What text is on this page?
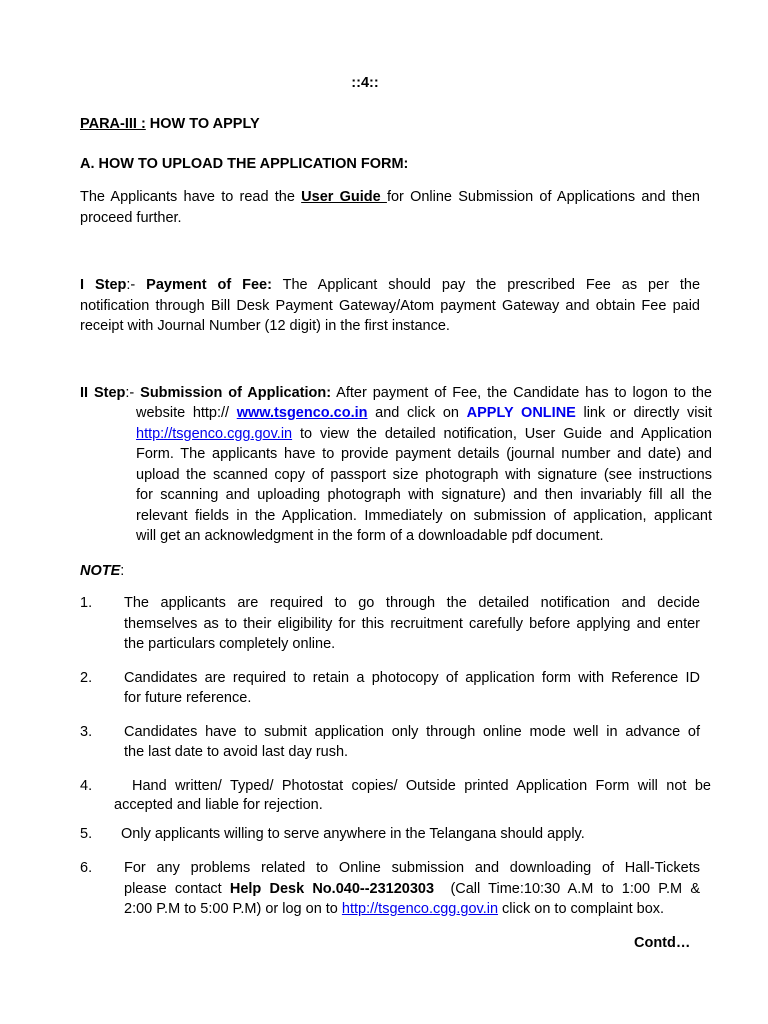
::4::
PARA-III : HOW TO APPLY
A. HOW TO UPLOAD THE APPLICATION FORM:
The Applicants have to read the User Guide for Online Submission of Applications and then
proceed further.
I Step:- Payment of Fee: The Applicant should pay the prescribed Fee as per the
notification through Bill Desk Payment Gateway/Atom payment Gateway and obtain Fee paid
receipt with Journal Number (12 digit) in the first instance.
II Step:- Submission of Application: After payment of Fee, the Candidate has to logon to the
website http:// www.tsgenco.co.in and click on APPLY ONLINE link or directly visit
http://tsgenco.cgg.gov.in to view the detailed notification, User Guide and Application
Form. The applicants have to provide payment details (journal number and date) and
upload the scanned copy of passport size photograph with signature (see instructions
for scanning and uploading photograph with signature) and then invariably fill all the
relevant fields in the Application. Immediately on submission of application, applicant
will get an acknowledgment in the form of a downloadable pdf document.
NOTE:
1. The applicants are required to go through the detailed notification and decide
themselves as to their eligibility for this recruitment carefully before applying and enter
the particulars completely online.
2. Candidates are required to retain a photocopy of application form with Reference ID
for future reference.
3. Candidates have to submit application only through online mode well in advance of
the last date to avoid last day rush.
4.	Hand written/ Typed/ Photostat copies/ Outside printed Application Form will not be
accepted and liable for rejection.
5. Only applicants willing to serve anywhere in the Telangana should apply.
6. For any problems related to Online submission and downloading of Hall-Tickets
please contact Help Desk No.040--23120303  (Call Time:10:30 A.M to 1:00 P.M &
2:00 P.M to 5:00 P.M) or log on to http://tsgenco.cgg.gov.in click on to complaint box.
Contd…
